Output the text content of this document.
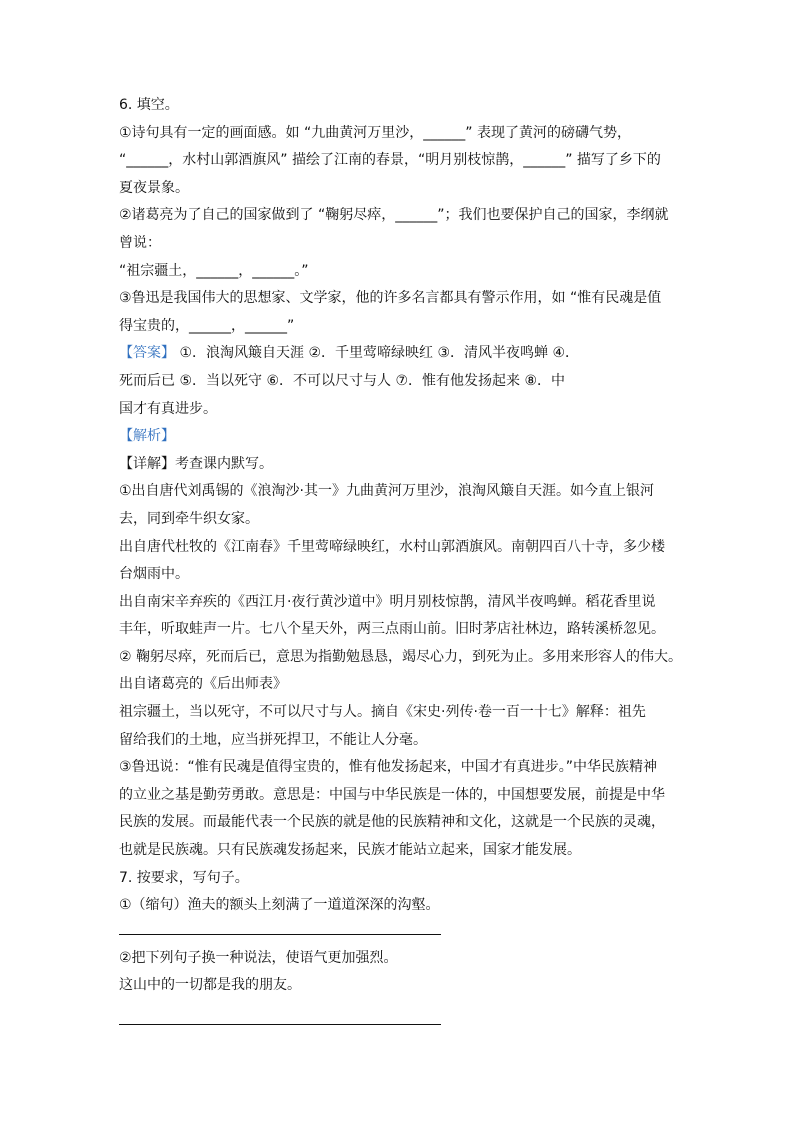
6. 填空。
①诗句具有一定的画面感。如 “九曲黄河万里沙，______” 表现了黄河的磅礴气势，
“______，水村山郭酒旗风” 描绘了江南的春景，“明月别枝惊鹊，______” 描写了乡下的
夏夜景象。
②诸葛亮为了自己的国家做到了 “鞠躬尽瘁，______”；我们也要保护自己的国家，李纲就
曾说：
“祖宗疆土，______，______。”
③鲁迅是我国伟大的思想家、文学家，他的许多名言都具有警示作用，如 “惟有民魂是值
得宝贵的，______，______”
【答案】 ①．浪淘风簸自天涯 ②．千里莺啼绿映红 ③．清风半夜鸣蝉 ④．
死而后已 ⑤．当以死守 ⑥．不可以尺寸与人 ⑦．惟有他发扬起来 ⑧．中
国才有真进步。
【解析】
【详解】考查课内默写。
①出自唐代刘禹锡的《浪淘沙·其一》九曲黄河万里沙，浪淘风簸自天涯。如今直上银河
去，同到牵牛织女家。
出自唐代杜牧的《江南春》千里莺啼绿映红，水村山郭酒旗风。南朝四百八十寺，多少楼
台烟雨中。
出自南宋辛弃疾的《西江月·夜行黄沙道中》明月别枝惊鹊，清风半夜鸣蝉。稻花香里说
丰年，听取蛙声一片。七八个星天外，两三点雨山前。旧时茅店社林边，路转溪桥忽见。
② 鞠躬尽瘁，死而后已，意思为指勤勉恳恳，竭尽心力，到死为止。多用来形容人的伟大。
出自诸葛亮的《后出师表》
祖宗疆土，当以死守，不可以尺寸与人。摘自《宋史·列传·卷一百一十七》解释：祖先
留给我们的土地，应当拼死捍卫，不能让人分毫。
③鲁迅说：“惟有民魂是值得宝贵的，惟有他发扬起来，中国才有真进步。”中华民族精神
的立业之基是勤劳勇敢。意思是：中国与中华民族是一体的，中国想要发展，前提是中华
民族的发展。而最能代表一个民族的就是他的民族精神和文化，这就是一个民族的灵魂，
也就是民族魂。只有民族魂发扬起来，民族才能站立起来，国家才能发展。
7. 按要求，写句子。
①（缩句）渔夫的额头上刻满了一道道深深的沟壑。
②把下列句子换一种说法，使语气更加强烈。
这山中的一切都是我的朋友。
